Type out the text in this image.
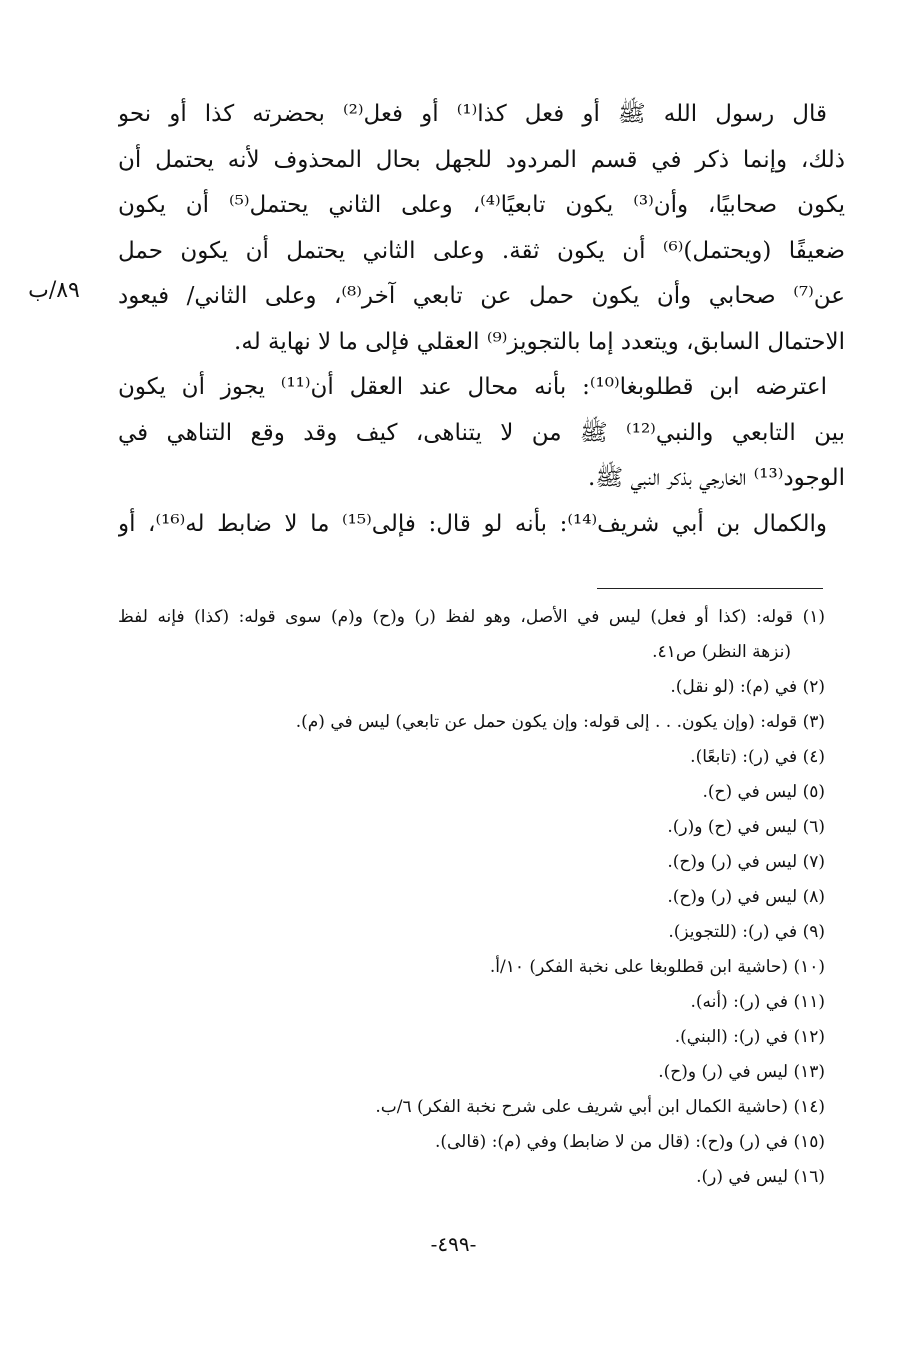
٨٩/ب
قال رسول الله ﷺ أو فعل كذا⁽¹⁾ أو فعل⁽²⁾ بحضرته كذا أو نحو
ذلك، وإنما ذكر في قسم المردود للجهل بحال المحذوف لأنه يحتمل أن
يكون صحابيًا، وأن⁽³⁾ يكون تابعيًا⁽⁴⁾، وعلى الثاني يحتمل⁽⁵⁾ أن يكون
ضعيفًا (ويحتمل)⁽⁶⁾ أن يكون ثقة. وعلى الثاني يحتمل أن يكون حمل
عن⁽⁷⁾ صحابي وأن يكون حمل عن تابعي آخر⁽⁸⁾، وعلى الثاني/ فيعود
الاحتمال السابق، ويتعدد إما بالتجويز⁽⁹⁾ العقلي فإلى ما لا نهاية له.
اعترضه ابن قطلوبغا⁽¹⁰⁾: بأنه محال عند العقل أن⁽¹¹⁾ يجوز أن يكون
بين التابعي والنبي⁽¹²⁾ ﷺ من لا يتناهى، كيف وقد وقع التناهي في
الوجود⁽¹³⁾ الخارجي بذكر النبي ﷺ.
والكمال بن أبي شريف⁽¹⁴⁾: بأنه لو قال: فإلى⁽¹⁵⁾ ما لا ضابط له⁽¹⁶⁾، أو
(١) قوله: (كذا أو فعل) ليس في الأصل، وهو لفظ (ر) و(ح) و(م) سوى قوله: (كذا) فإنه لفظ
(نزهة النظر) ص٤١.
(٢) في (م): (لو نقل).
(٣) قوله: (وإن يكون. . . إلى قوله: وإن يكون حمل عن تابعي) ليس في (م).
(٤) في (ر): (تابعًا).
(٥) ليس في (ح).
(٦) ليس في (ح) و(ر).
(٧) ليس في (ر) و(ح).
(٨) ليس في (ر) و(ح).
(٩) في (ر): (للتجويز).
(١٠) (حاشية ابن قطلوبغا على نخبة الفكر) ١٠/أ.
(١١) في (ر): (أنه).
(١٢) في (ر): (البني).
(١٣) ليس في (ر) و(ح).
(١٤) (حاشية الكمال ابن أبي شريف على شرح نخبة الفكر) ٦/ب.
(١٥) في (ر) و(ح): (قال من لا ضابط) وفي (م): (قالى).
(١٦) ليس في (ر).
-٤٩٩-
